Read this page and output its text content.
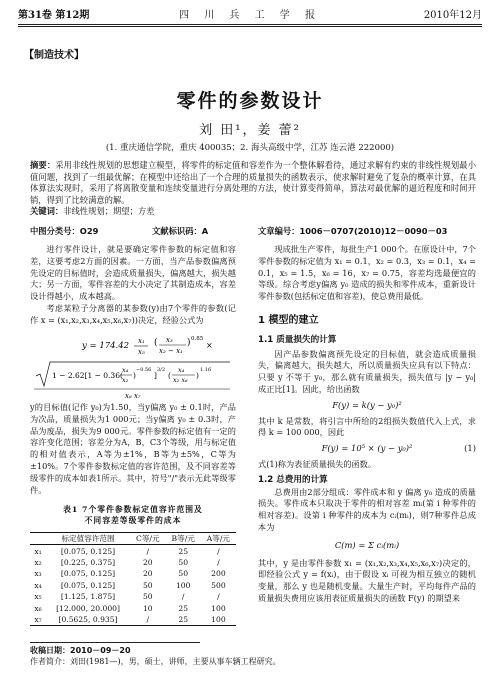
第31卷 第12期	四 川 兵 工 学 报	2010年12月
【制造技术】
零件的参数设计
刘 田¹，姜 蕾²
(1. 重庆通信学院，重庆 400035；2. 海头高级中学，江苏 连云港 222000)
摘要：采用非线性规划的思想建立模型，将零件的标定值和容差作为一个整体解看待，通过求解有约束的非线性规划最小值问题，找到了一组最优解；在模型中还给出了一个合理的质量损失的函数表示，使求解时避免了复杂的概率计算，在具体算法实现时，采用了将离散变量和连续变量进行分离处理的方法，使计算变得简单，算法对最优解的逼近程度和时间开销，得到了比较满意的解。
关键词：非线性规划；期望；方差
中图分类号：O29	文献标识码：A	文章编号：1006－0707(2010)12－0090－03
进行零件设计，就是要确定零件参数的标定值和容差，这要考虑2方面的因素。一方面，当产品参数偏离预先设定的目标值时，会造成质量损失，偏离越大，损失越大；另一方面，零件容差的大小决定了其制造成本，容差设计得越小，成本越高。
考虑某粒子分离器的某参数(y)由7个零件的参数(记作 x = (x₁,x₂,x₃,x₄,x₅,x₆,x₇))决定，经验公式为
y = 174.42 x₁
x₅
( x₃
x₂ − x₁
) 0.85
×
1 − 2.62[1 − 0.36(
x₄
x₂ )
−0.56
]
3/2
(
x₄
x₂ x₆ )
1.16
x₆ x₇
y的目标值(记作 y₀)为1.50，当y偏离 y₀ ± 0.1时，产品为次品，质量损失为1 000元；当y偏离 y₀ ± 0.3时，产品为废品，损失为9 000元。零件参数的标定值有一定的容许变化范围；容差分为A，B，C3个等级，用与标定值的相对值表示，A等为±1%，B等为±5%，C等为±10%。7个零件参数标定值的容许范围，及不同容差等级零件的成本如表1所示。其中，符号"/"表示无此等级零件。
表1 7个零件参数标定值容许范围及
不同容差等级零件的成本
	标定值容许范围	C等/元	B等/元	A等/元
x₁	[0.075, 0.125]	/	25	/
x₂	[0.225, 0.375]	20	50	/
x₃	[0.075, 0.125]	20	50	200
x₄	[0.075, 0.125]	50	100	500
x₅	[1.125, 1.875]	50	/	/
x₆	[12.000, 20.000]	10	25	100
x₇	[0.5625, 0.935]	/	25	100
现成批生产零件，每批生产1 000个。在原设计中，7个零件参数的标定值为 x₁ = 0.1，x₂ = 0.3，x₃ = 0.1，x₄ = 0.1，x₅ = 1.5，x₆ = 16，x₇ = 0.75，容差均选最便宜的等级。综合考虑y偏离 y₀ 造成的损失和零件成本，重新设计零件参数(包括标定值和容差)，使总费用最低。
1 模型的建立
1.1 质量损失的计算
因产品参数偏离预先设定的目标值，就会造成质量损失，偏离越大，损失越大，所以质量损失应具有以下特点：只要 y 不等于 y₀，那么就有质量损失，损失值与 |y − y₀| 成正比[1]。因此，给出函数
F(y) = k(y − y₀)²
其中 k 是常数，将引言中所给的2组损失数值代入上式，求得 k = 100 000，因此
F(y) = 10⁵ × (y − y₀)²	(1)
式(1)称为表征质量损失的函数。
1.2 总费用的计算
总费用由2部分组成：零件成本和 y 偏离 y₀ 造成的质量损失。零件成本只取决于零件的相对容差 mᵢ(第 i 种零件的相对容差)。设第 i 种零件的成本为 cᵢ(mᵢ)，则7种零件总成本为
C(m) = Σ cᵢ(mᵢ)
其中，y 是由零件参数 x₁ = (x₁,x₂,x₃,x₄,x₅,x₆,x₇)决定的，即经验公式 y = f(xᵢ)，由于假设 xᵢ 可视为相互独立的随机变量，那么 y 也是随机变量。大量生产时，平均每件产品的质量损失费用应该用表征质量损失的函数 F(y) 的期望来
收稿日期：2010－09－20
作者简介：刘田(1981—)，男，硕士，讲师，主要从事车辆工程研究。
